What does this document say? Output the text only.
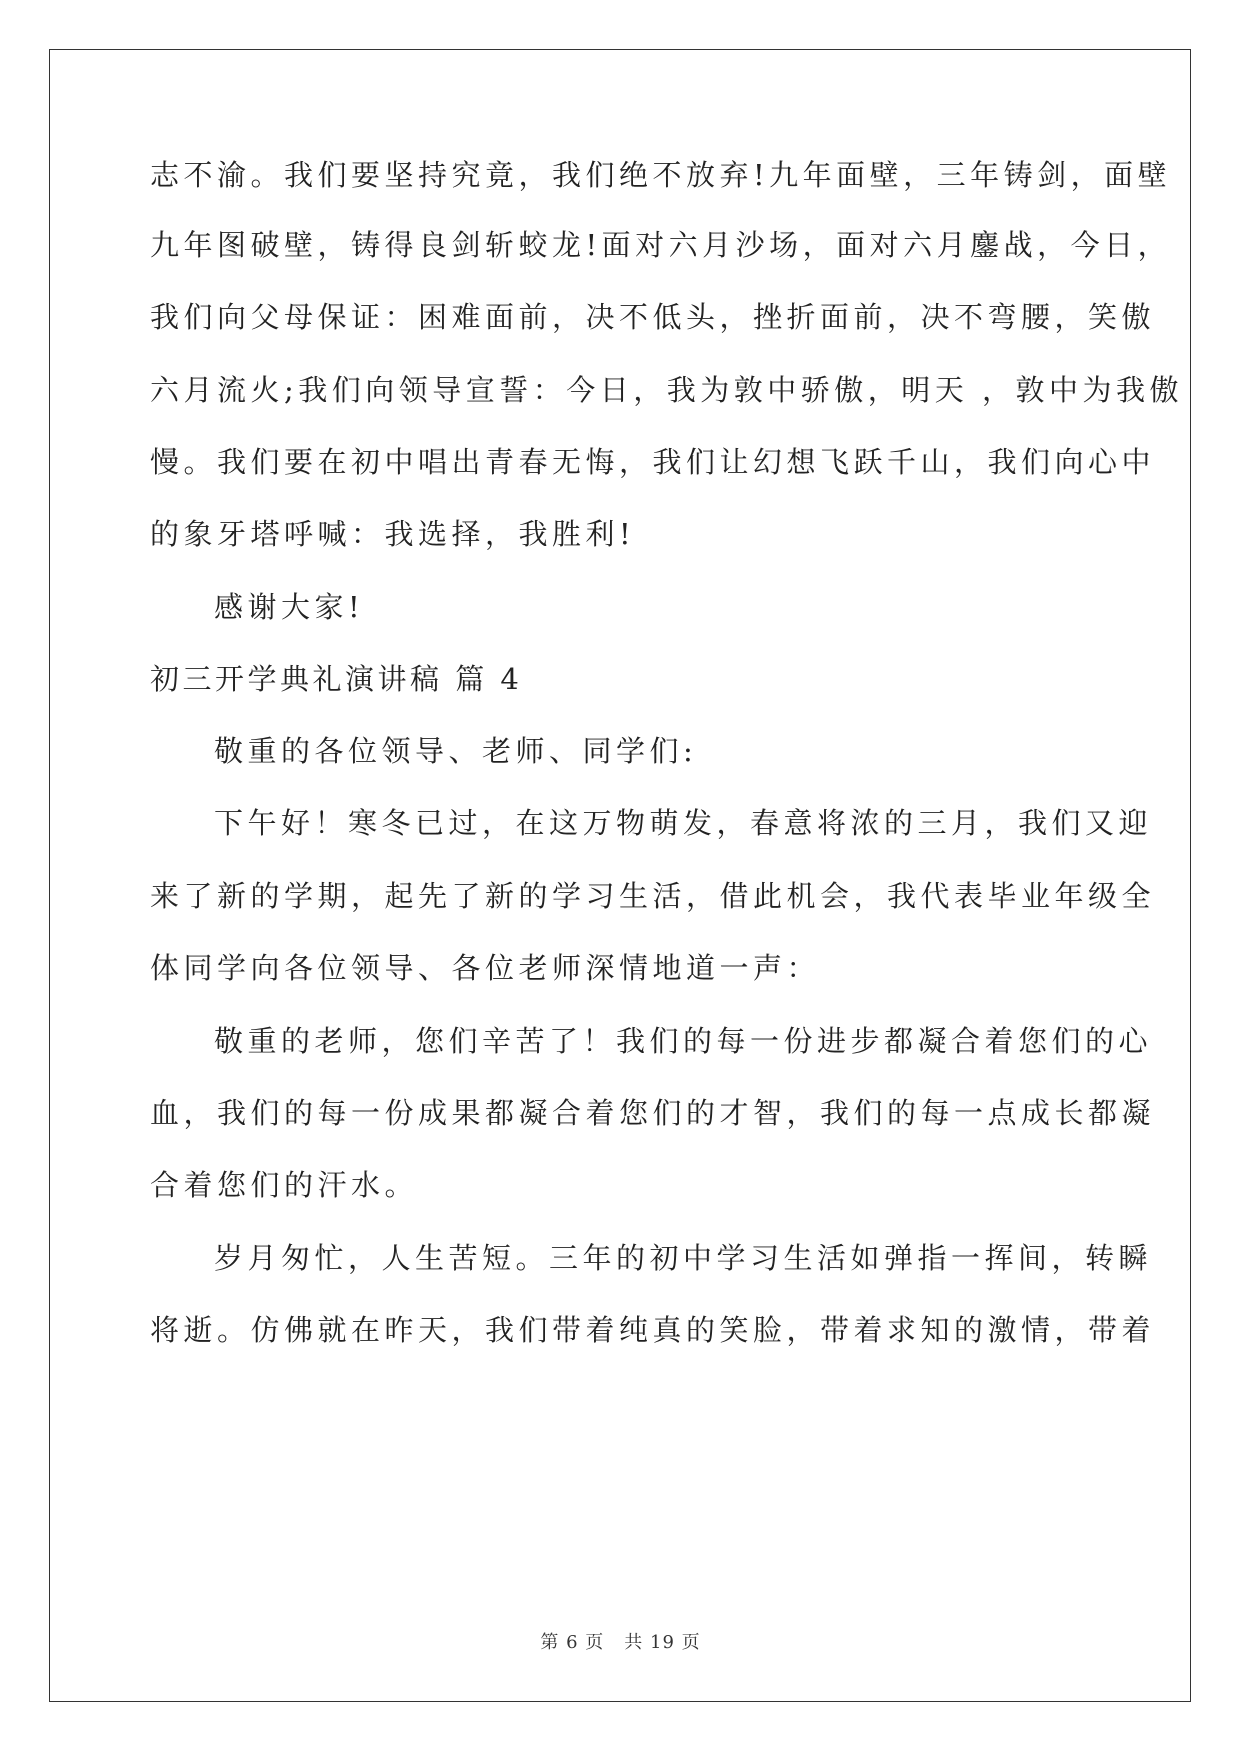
志不渝。我们要坚持究竟，我们绝不放弃!九年面壁，三年铸剑，面壁
九年图破壁，铸得良剑斩蛟龙!面对六月沙场，面对六月鏖战，今日，
我们向父母保证：困难面前，决不低头，挫折面前，决不弯腰，笑傲
六月流火;我们向领导宣誓：今日，我为敦中骄傲，明天 ，敦中为我傲
慢。我们要在初中唱出青春无悔，我们让幻想飞跃千山，我们向心中
的象牙塔呼喊：我选择，我胜利!
感谢大家!
初三开学典礼演讲稿 篇 4
敬重的各位领导、老师、同学们:
下午好！寒冬已过，在这万物萌发，春意将浓的三月，我们又迎
来了新的学期，起先了新的学习生活，借此机会，我代表毕业年级全
体同学向各位领导、各位老师深情地道一声：
敬重的老师，您们辛苦了！我们的每一份进步都凝合着您们的心
血，我们的每一份成果都凝合着您们的才智，我们的每一点成长都凝
合着您们的汗水。
岁月匆忙，人生苦短。三年的初中学习生活如弹指一挥间，转瞬
将逝。仿佛就在昨天，我们带着纯真的笑脸，带着求知的激情，带着
第 6 页 共 19 页
